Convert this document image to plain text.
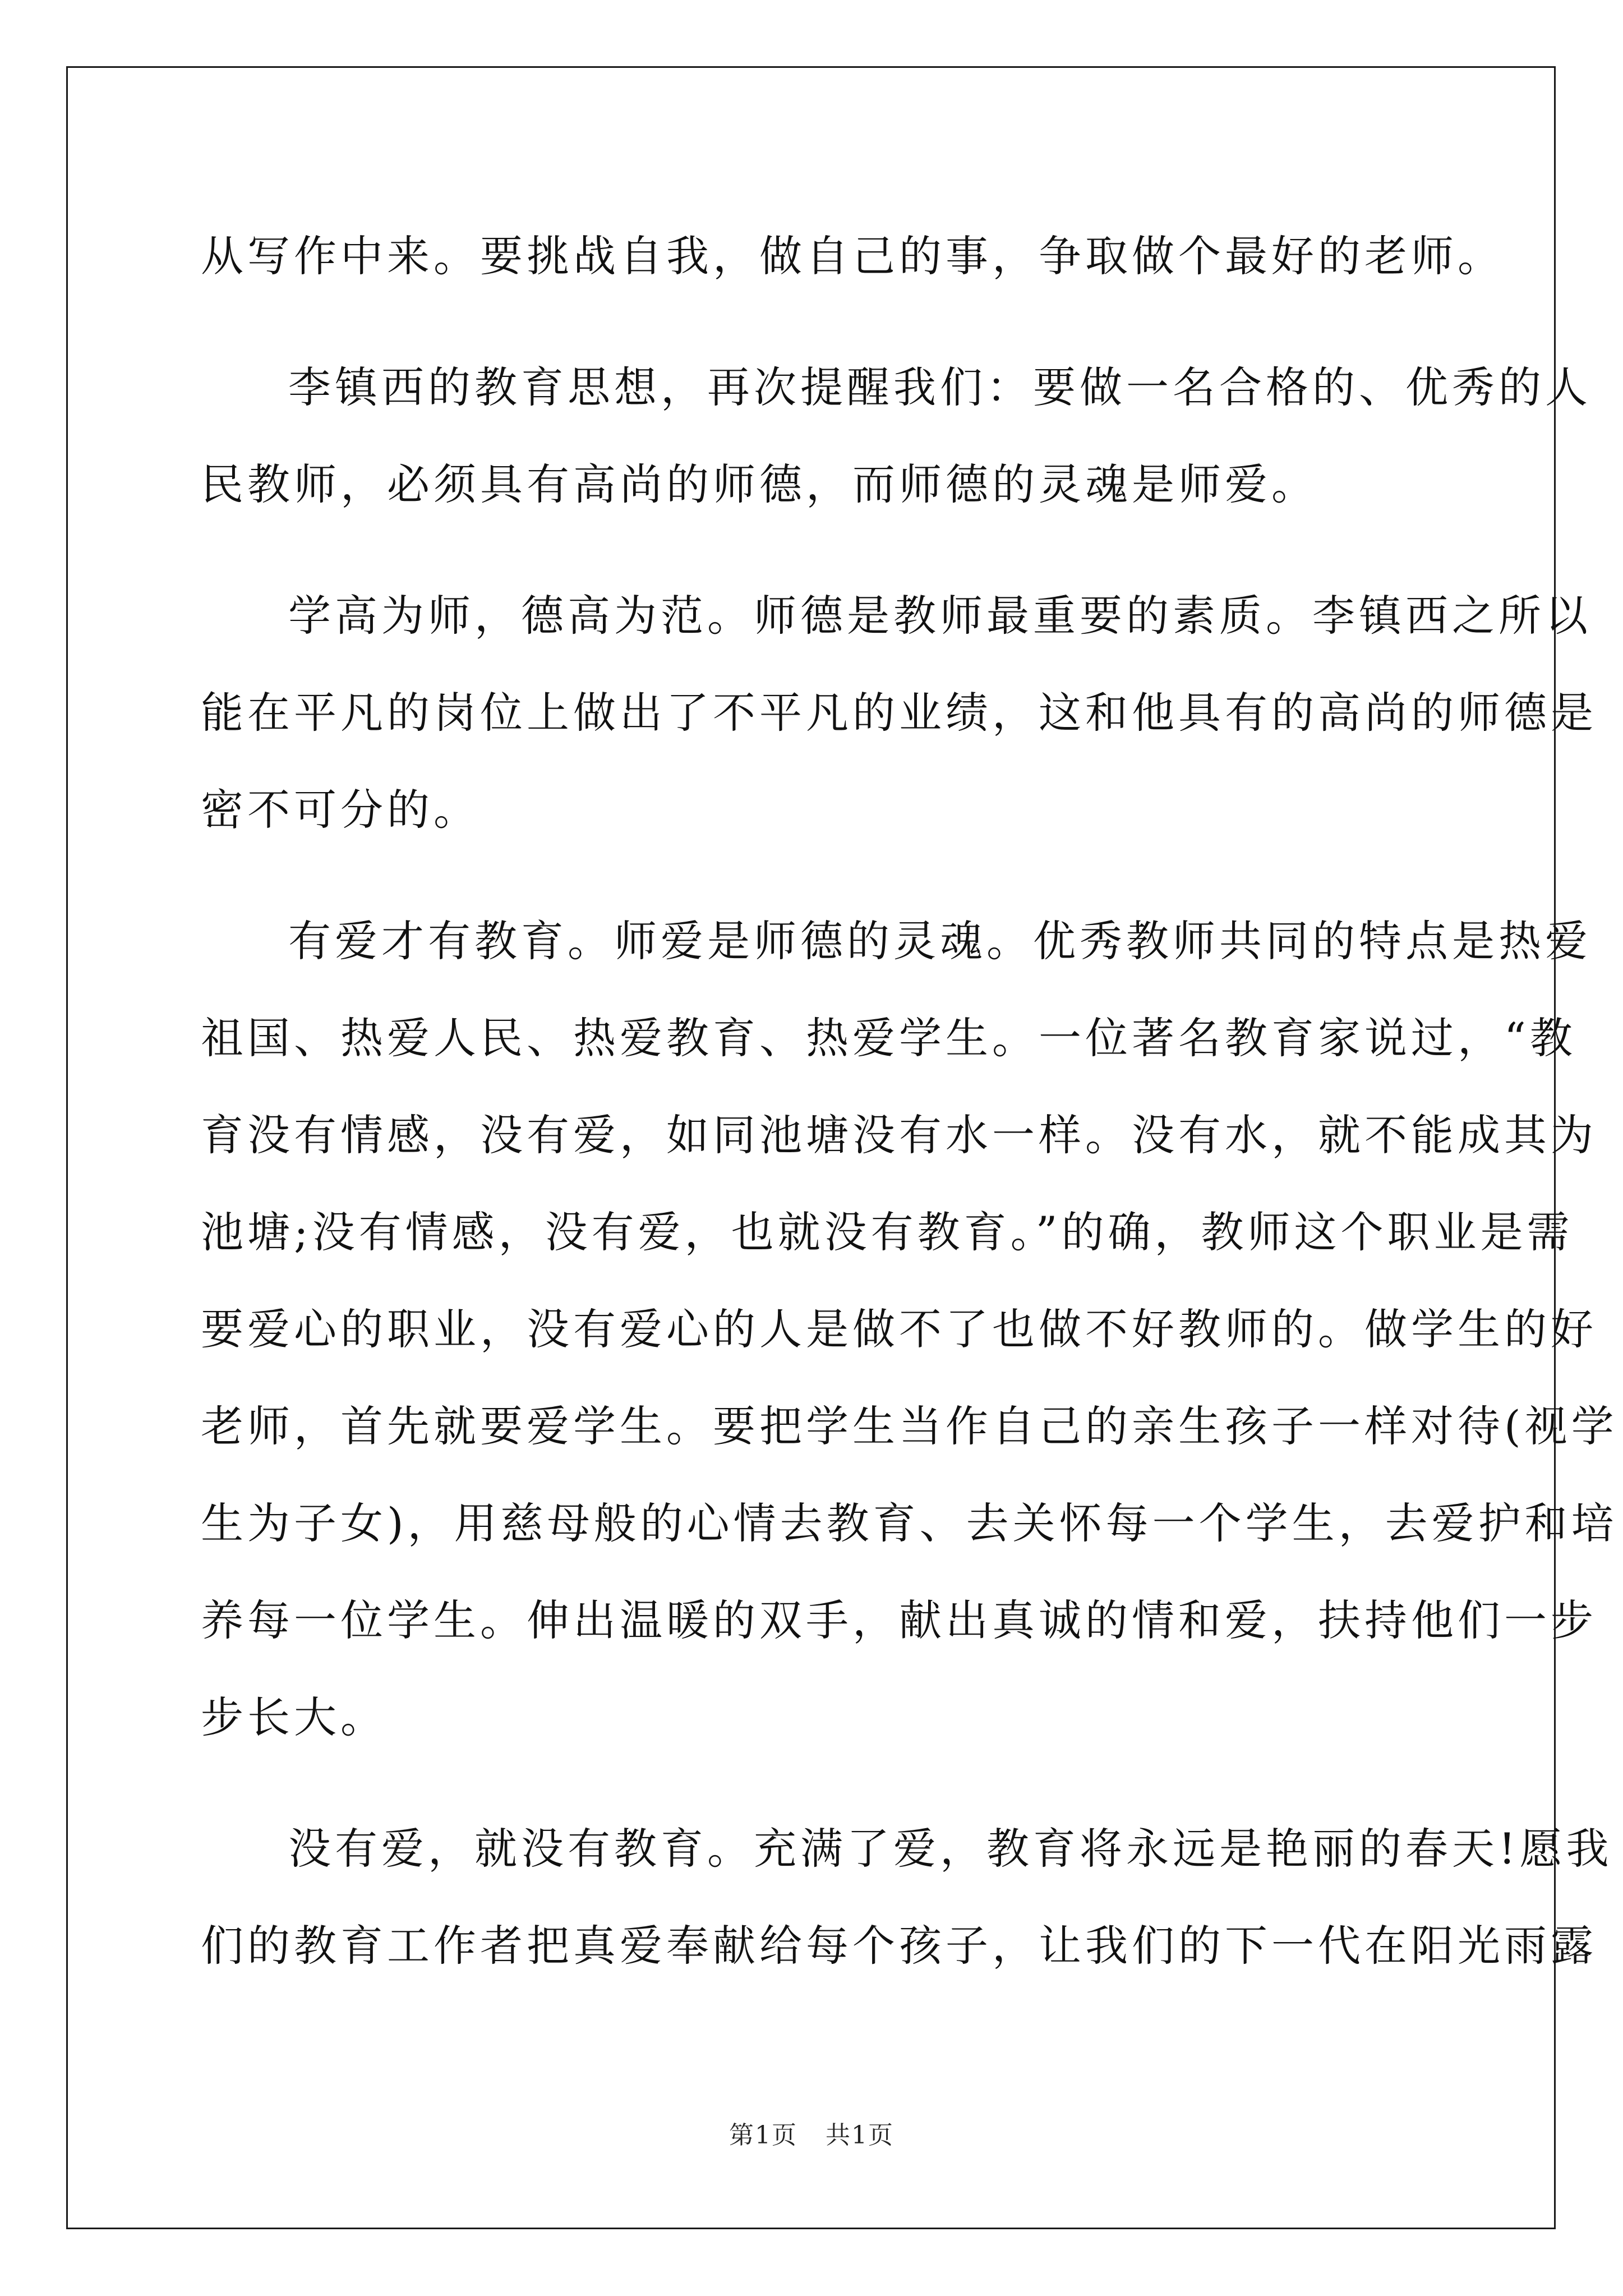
从写作中来。要挑战自我，做自己的事，争取做个最好的老师。

李镇西的教育思想，再次提醒我们：要做一名合格的、优秀的人
民教师，必须具有高尚的师德，而师德的灵魂是师爱。

学高为师，德高为范。师德是教师最重要的素质。李镇西之所以
能在平凡的岗位上做出了不平凡的业绩，这和他具有的高尚的师德是
密不可分的。

有爱才有教育。师爱是师德的灵魂。优秀教师共同的特点是热爱
祖国、热爱人民、热爱教育、热爱学生。一位著名教育家说过，“教
育没有情感，没有爱，如同池塘没有水一样。没有水，就不能成其为
池塘;没有情感，没有爱，也就没有教育。”的确，教师这个职业是需
要爱心的职业，没有爱心的人是做不了也做不好教师的。做学生的好
老师，首先就要爱学生。要把学生当作自己的亲生孩子一样对待(视学
生为子女)，用慈母般的心情去教育、去关怀每一个学生，去爱护和培
养每一位学生。伸出温暖的双手，献出真诚的情和爱，扶持他们一步
步长大。

没有爱，就没有教育。充满了爱，教育将永远是艳丽的春天!愿我
们的教育工作者把真爱奉献给每个孩子，让我们的下一代在阳光雨露

第1页 共1页
